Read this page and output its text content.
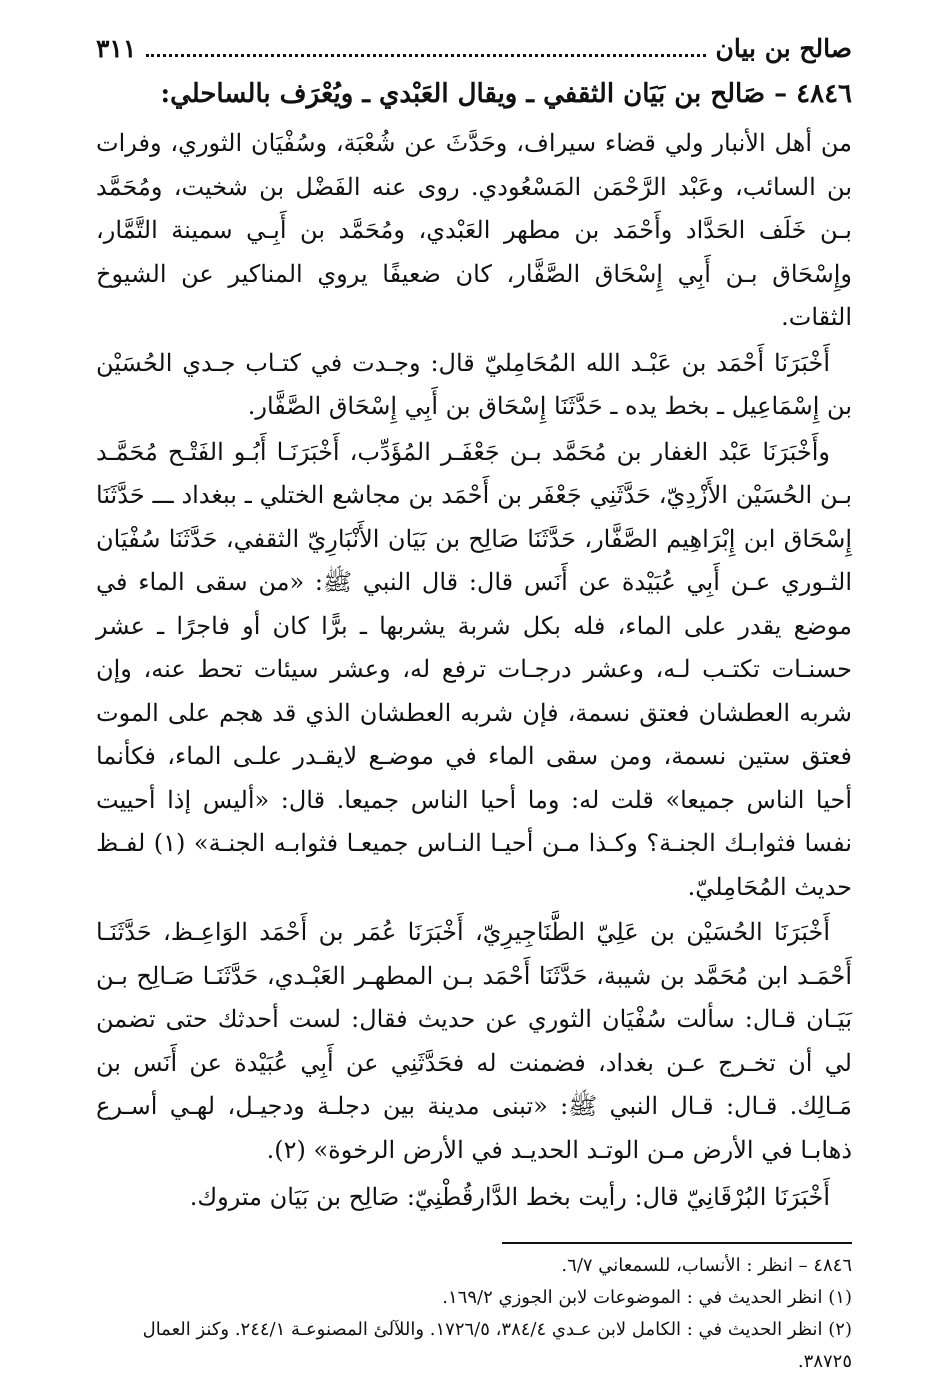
صالح بن بيان
٣١١
٤٨٤٦ – صَالح بن بَيَان الثقفي ـ ويقال العَبْدي ـ ويُعْرَف بالساحلي:

من أهل الأنبار ولي قضاء سيراف، وحَدَّثَ عن شُعْبَة، وسُفْيَان الثوري، وفرات بن السائب، وعَبْد الرَّحْمَن المَسْعُودي. روى عنه الفَضْل بن شخيت، ومُحَمَّد بـن خَلَف الحَدَّاد وأَحْمَد بن مطهر العَبْدي، ومُحَمَّد بن أَبِـي سمينة التَّمَّار، وإِسْحَاق بـن أَبِي إِسْحَاق الصَّفَّار، كان ضعيفًا يروي المناكير عن الشيوخ الثقات.

أَخْبَرَنَا أَحْمَد بن عَبْـد الله المُحَامِليّ قال: وجـدت في كتـاب جـدي الحُسَيْن بن إِسْمَاعِيل ـ بخط يده ـ حَدَّثَنَا إِسْحَاق بن أَبِي إِسْحَاق الصَّفَّار.

وأَخْبَرَنَا عَبْد الغفار بن مُحَمَّد بـن جَعْفَـر المُؤَدِّب، أَخْبَرَنَـا أَبُـو الفَتْـح مُحَمَّـد بـن الحُسَيْن الأَزْدِيّ، حَدَّثَنِي جَعْفَر بن أَحْمَد بن مجاشع الختلي ـ ببغداد ـــ حَدَّثَنَا إِسْحَاق ابن إِبْرَاهِيم الصَّفَّار، حَدَّثَنَا صَالِح بن بَيَان الأَنْبَارِيّ الثقفي، حَدَّثَنَا سُفْيَان الثـوري عـن أَبِي عُبَيْدة عن أَنَس قال: قال النبي ﷺ: «من سقى الماء في موضع يقدر على الماء، فله بكل شربة يشربها ـ برًّا كان أو فاجرًا ـ عشر حسنـات تكتـب لـه، وعشر درجـات ترفع له، وعشر سيئات تحط عنه، وإن شربه العطشان فعتق نسمة، فإن شربه العطشان الذي قد هجم على الموت فعتق ستين نسمة، ومن سقى الماء في موضـع لايقـدر علـى الماء، فكأنما أحيا الناس جميعا» قلت له: وما أحيا الناس جميعا. قال: «أليس إذا أحييت نفسا فثوابـك الجنـة؟ وكـذا مـن أحيـا النـاس جميعـا فثوابـه الجنـة» (١) لفـظ حديث المُحَامِليّ.

أَخْبَرَنَا الحُسَيْن بن عَلِيّ الطَّنَاجِيرِيّ، أَخْبَرَنَا عُمَر بن أَحْمَد الوَاعِـظ، حَدَّثَنَـا أَحْمَـد ابن مُحَمَّد بن شيبة، حَدَّثَنَا أَحْمَد بـن المطهـر العَبْـدي، حَدَّثَنَـا صَـالِح بـن بَيَـان قـال: سألت سُفْيَان الثوري عن حديث فقال: لست أحدثك حتى تضمن لي أن تخـرج عـن بغداد، فضمنت له فحَدَّثَنِي عن أَبِي عُبَيْدة عن أَنَس بن مَـالِك. قـال: قـال النبي ﷺ: «تبنى مدينة بين دجلـة ودجيـل، لهـي أسـرع ذهابـا في الأرض مـن الوتـد الحديـد في الأرض الرخوة» (٢).

أَخْبَرَنَا البُرْقَانِيّ قال: رأيت بخط الدَّارقُطْنِيّ: صَالِح بن بَيَان متروك.

٤٨٤٦ – انظر : الأنساب، للسمعاني ٦/٧.
(١) انظر الحديث في : الموضوعات لابن الجوزي ١٦٩/٢.
(٢) انظر الحديث في : الكامل لابن عـدي ٣٨٤/٤، ١٧٢٦/٥. واللآلئ المصنوعـة ٢٤٤/١. وكنز العمال ٣٨٧٢٥.
